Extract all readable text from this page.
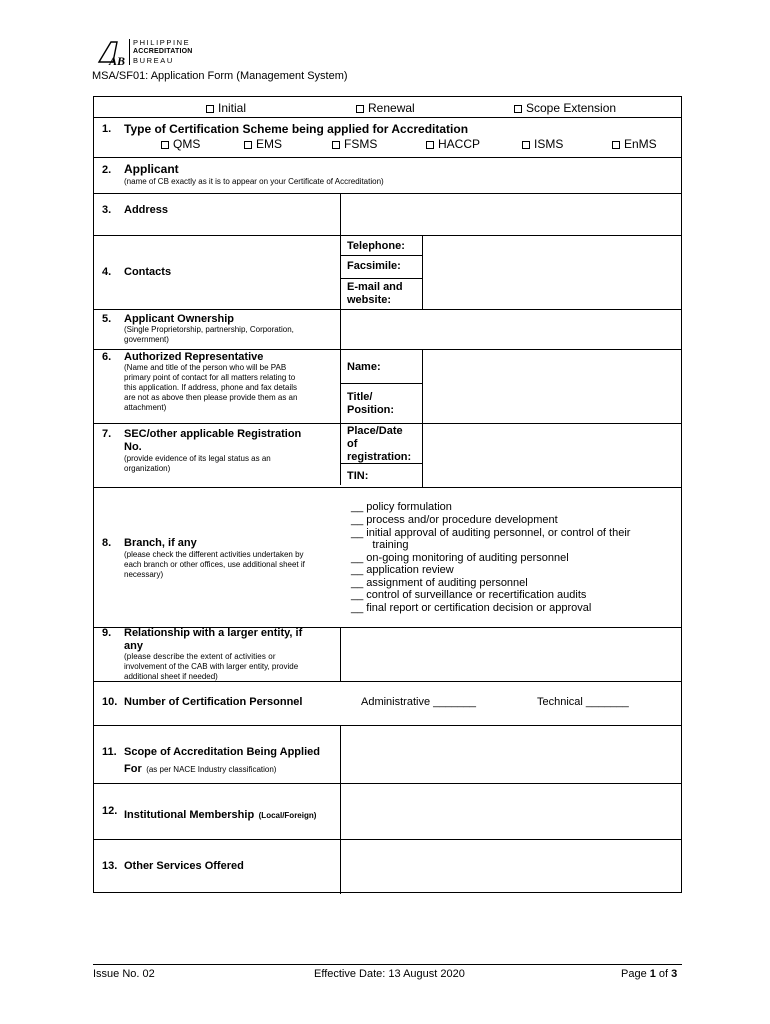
AB
PHILIPPINE
ACCREDITATION
BUREAU
MSA/SF01: Application Form (Management System)
Initial	Renewal	Scope Extension
1. Type of Certification Scheme being applied for Accreditation
QMS	EMS	FSMS	HACCP	ISMS	EnMS
2. Applicant
(name of CB exactly as it is to appear on your Certificate of Accreditation)
3. Address
4. Contacts
Telephone:
Facsimile:
E-mail and
website:
5. Applicant Ownership
(Single Proprietorship, partnership, Corporation,
government)
6. Authorized Representative
(Name and title of the person who will be PAB
primary point of contact for all matters relating to
this application. If address, phone and fax details
are not as above then please provide them as an
attachment)
Name:
Title/
Position:
7. SEC/other applicable Registration
No.
(provide evidence of its legal status as an
organization)
Place/Date
of
registration:
TIN:
8. Branch, if any
(please check the different activities undertaken by
each branch or other offices, use additional sheet if
necessary)
__ policy formulation
__ process and/or procedure development
__ initial approval of auditing personnel, or control of their
training
__ on-going monitoring of auditing personnel
__ application review
__ assignment of auditing personnel
__ control of surveillance or recertification audits
__ final report or certification decision or approval
9. Relationship with a larger entity, if
any
(please describe the extent of activities or
involvement of the CAB with larger entity, provide
additional sheet if needed)
10. Number of Certification Personnel	Administrative _______	Technical _______
11. Scope of Accreditation Being Applied
For (as per NACE Industry classification)
12. Institutional Membership (Local/Foreign)
13. Other Services Offered
Issue No. 02	Effective Date: 13 August 2020	Page 1 of 3
